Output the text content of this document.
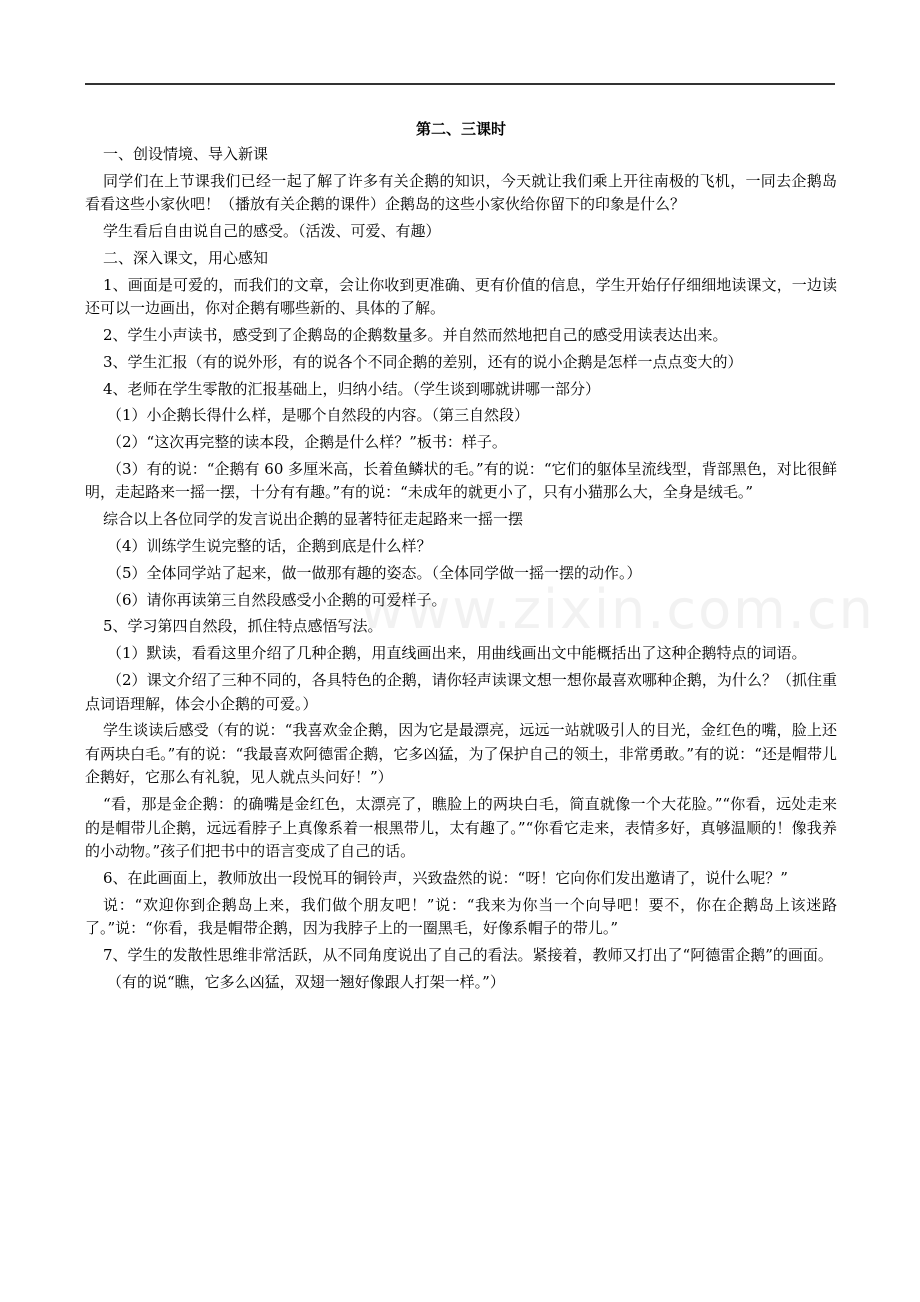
www.zixin.com.cn
第二、三课时

一、创设情境、导入新课

同学们在上节课我们已经一起了解了许多有关企鹅的知识，今天就让我们乘上开往南极的飞机，一同去企鹅岛看看这些小家伙吧！（播放有关企鹅的课件）企鹅岛的这些小家伙给你留下的印象是什么？

学生看后自由说自己的感受。（活泼、可爱、有趣）

二、深入课文，用心感知

1、画面是可爱的，而我们的文章，会让你收到更准确、更有价值的信息，学生开始仔仔细细地读课文，一边读还可以一边画出，你对企鹅有哪些新的、具体的了解。

2、学生小声读书，感受到了企鹅岛的企鹅数量多。并自然而然地把自己的感受用读表达出来。

3、学生汇报（有的说外形，有的说各个不同企鹅的差别，还有的说小企鹅是怎样一点点变大的）

4、老师在学生零散的汇报基础上，归纳小结。（学生谈到哪就讲哪一部分）

（1）小企鹅长得什么样，是哪个自然段的内容。（第三自然段）

（2）“这次再完整的读本段，企鹅是什么样？”板书：样子。

（3）有的说：“企鹅有 60 多厘米高，长着鱼鳞状的毛。”有的说：“它们的躯体呈流线型，背部黑色，对比很鲜明，走起路来一摇一摆，十分有有趣。”有的说：“未成年的就更小了，只有小猫那么大，全身是绒毛。”

综合以上各位同学的发言说出企鹅的显著特征走起路来一摇一摆

（4）训练学生说完整的话，企鹅到底是什么样？

（5）全体同学站了起来，做一做那有趣的姿态。（全体同学做一摇一摆的动作。）

（6）请你再读第三自然段感受小企鹅的可爱样子。

5、学习第四自然段，抓住特点感悟写法。

（1）默读，看看这里介绍了几种企鹅，用直线画出来，用曲线画出文中能概括出了这种企鹅特点的词语。

（2）课文介绍了三种不同的，各具特色的企鹅，请你轻声读课文想一想你最喜欢哪种企鹅，为什么？（抓住重点词语理解，体会小企鹅的可爱。）

学生谈读后感受（有的说：“我喜欢金企鹅，因为它是最漂亮，远远一站就吸引人的目光，金红色的嘴，脸上还有两块白毛。”有的说：“我最喜欢阿德雷企鹅，它多凶猛，为了保护自己的领土，非常勇敢。”有的说：“还是帽带儿企鹅好，它那么有礼貌，见人就点头问好！”）

“看，那是金企鹅：的确嘴是金红色，太漂亮了，瞧脸上的两块白毛，简直就像一个大花脸。”“你看，远处走来的是帽带儿企鹅，远远看脖子上真像系着一根黑带儿，太有趣了。”“你看它走来，表情多好，真够温顺的！像我养的小动物。”孩子们把书中的语言变成了自己的话。

6、在此画面上，教师放出一段悦耳的铜铃声，兴致盎然的说：“呀！它向你们发出邀请了，说什么呢？”

说：“欢迎你到企鹅岛上来，我们做个朋友吧！”说：“我来为你当一个向导吧！要不，你在企鹅岛上该迷路了。”说：“你看，我是帽带企鹅，因为我脖子上的一圈黑毛，好像系帽子的带儿。”

7、学生的发散性思维非常活跃，从不同角度说出了自己的看法。紧接着，教师又打出了“阿德雷企鹅”的画面。

（有的说“瞧，它多么凶猛，双翅一翘好像跟人打架一样。”）
